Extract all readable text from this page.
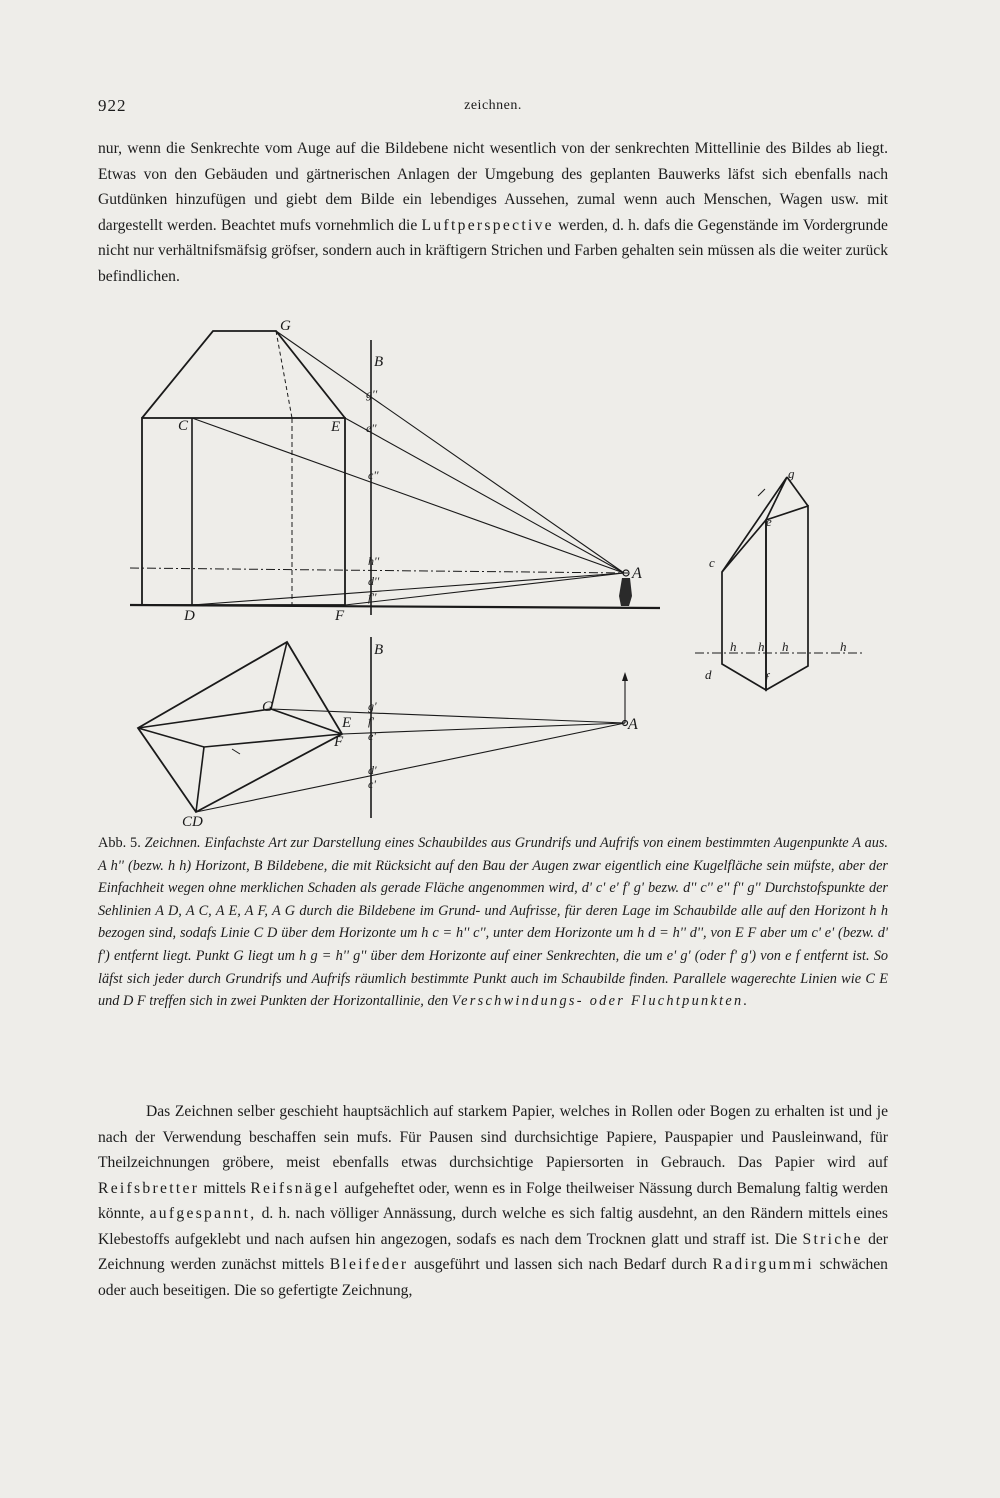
922	zeichnen.
nur, wenn die Senkrechte vom Auge auf die Bildebene nicht wesentlich von der senkrechten Mittellinie des Bildes ab liegt. Etwas von den Gebäuden und gärtnerischen Anlagen der Umgebung des geplanten Bauwerks läfst sich ebenfalls nach Gutdünken hinzufügen und giebt dem Bilde ein lebendiges Aussehen, zumal wenn auch Menschen, Wagen usw. mit dargestellt werden. Beachtet mufs vornehmlich die Luftperspective werden, d. h. dafs die Gegenstände im Vordergrunde nicht nur verhältnifsmäfsig gröfser, sondern auch in kräftigern Strichen und Farben gehalten sein müssen als die weiter zurück befindlichen.
G
C	E
D	F
A
B
g''
e''
c''
h''
d''
f''
B
G
E
F
CD
A
g'
f'
e'
d'
c'
g
e
c
d	f
h h h	h
Abb. 5. Zeichnen. Einfachste Art zur Darstellung eines Schaubildes aus Grundrifs und Aufrifs von einem bestimmten Augenpunkte A aus. A h'' (bezw. h h) Horizont, B Bildebene, die mit Rücksicht auf den Bau der Augen zwar eigentlich eine Kugelfläche sein müfste, aber der Einfachheit wegen ohne merklichen Schaden als gerade Fläche angenommen wird, d' c' e' f' g' bezw. d'' c'' e'' f'' g'' Durchstofspunkte der Sehlinien A D, A C, A E, A F, A G durch die Bildebene im Grund- und Aufrisse, für deren Lage im Schaubilde alle auf den Horizont h h bezogen sind, sodafs Linie C D über dem Horizonte um h c = h'' c'', unter dem Horizonte um h d = h'' d'', von E F aber um c' e' (bezw. d' f') entfernt liegt. Punkt G liegt um h g = h'' g'' über dem Horizonte auf einer Senkrechten, die um e' g' (oder f' g') von e f entfernt ist. So läfst sich jeder durch Grundrifs und Aufrifs räumlich bestimmte Punkt auch im Schaubilde finden. Parallele wagerechte Linien wie C E und D F treffen sich in zwei Punkten der Horizontallinie, den Verschwindungs- oder Fluchtpunkten.
Das Zeichnen selber geschieht hauptsächlich auf starkem Papier, welches in Rollen oder Bogen zu erhalten ist und je nach der Verwendung beschaffen sein mufs. Für Pausen sind durchsichtige Papiere, Pauspapier und Pausleinwand, für Theilzeichnungen gröbere, meist ebenfalls etwas durchsichtige Papiersorten in Gebrauch. Das Papier wird auf Reifsbretter mittels Reifsnägel aufgeheftet oder, wenn es in Folge theilweiser Nässung durch Bemalung faltig werden könnte, aufgespannt, d. h. nach völliger Annässung, durch welche es sich faltig ausdehnt, an den Rändern mittels eines Klebestoffs aufgeklebt und nach aufsen hin angezogen, sodafs es nach dem Trocknen glatt und straff ist. Die Striche der Zeichnung werden zunächst mittels Bleifeder ausgeführt und lassen sich nach Bedarf durch Radirgummi schwächen oder auch beseitigen. Die so gefertigte Zeichnung,
